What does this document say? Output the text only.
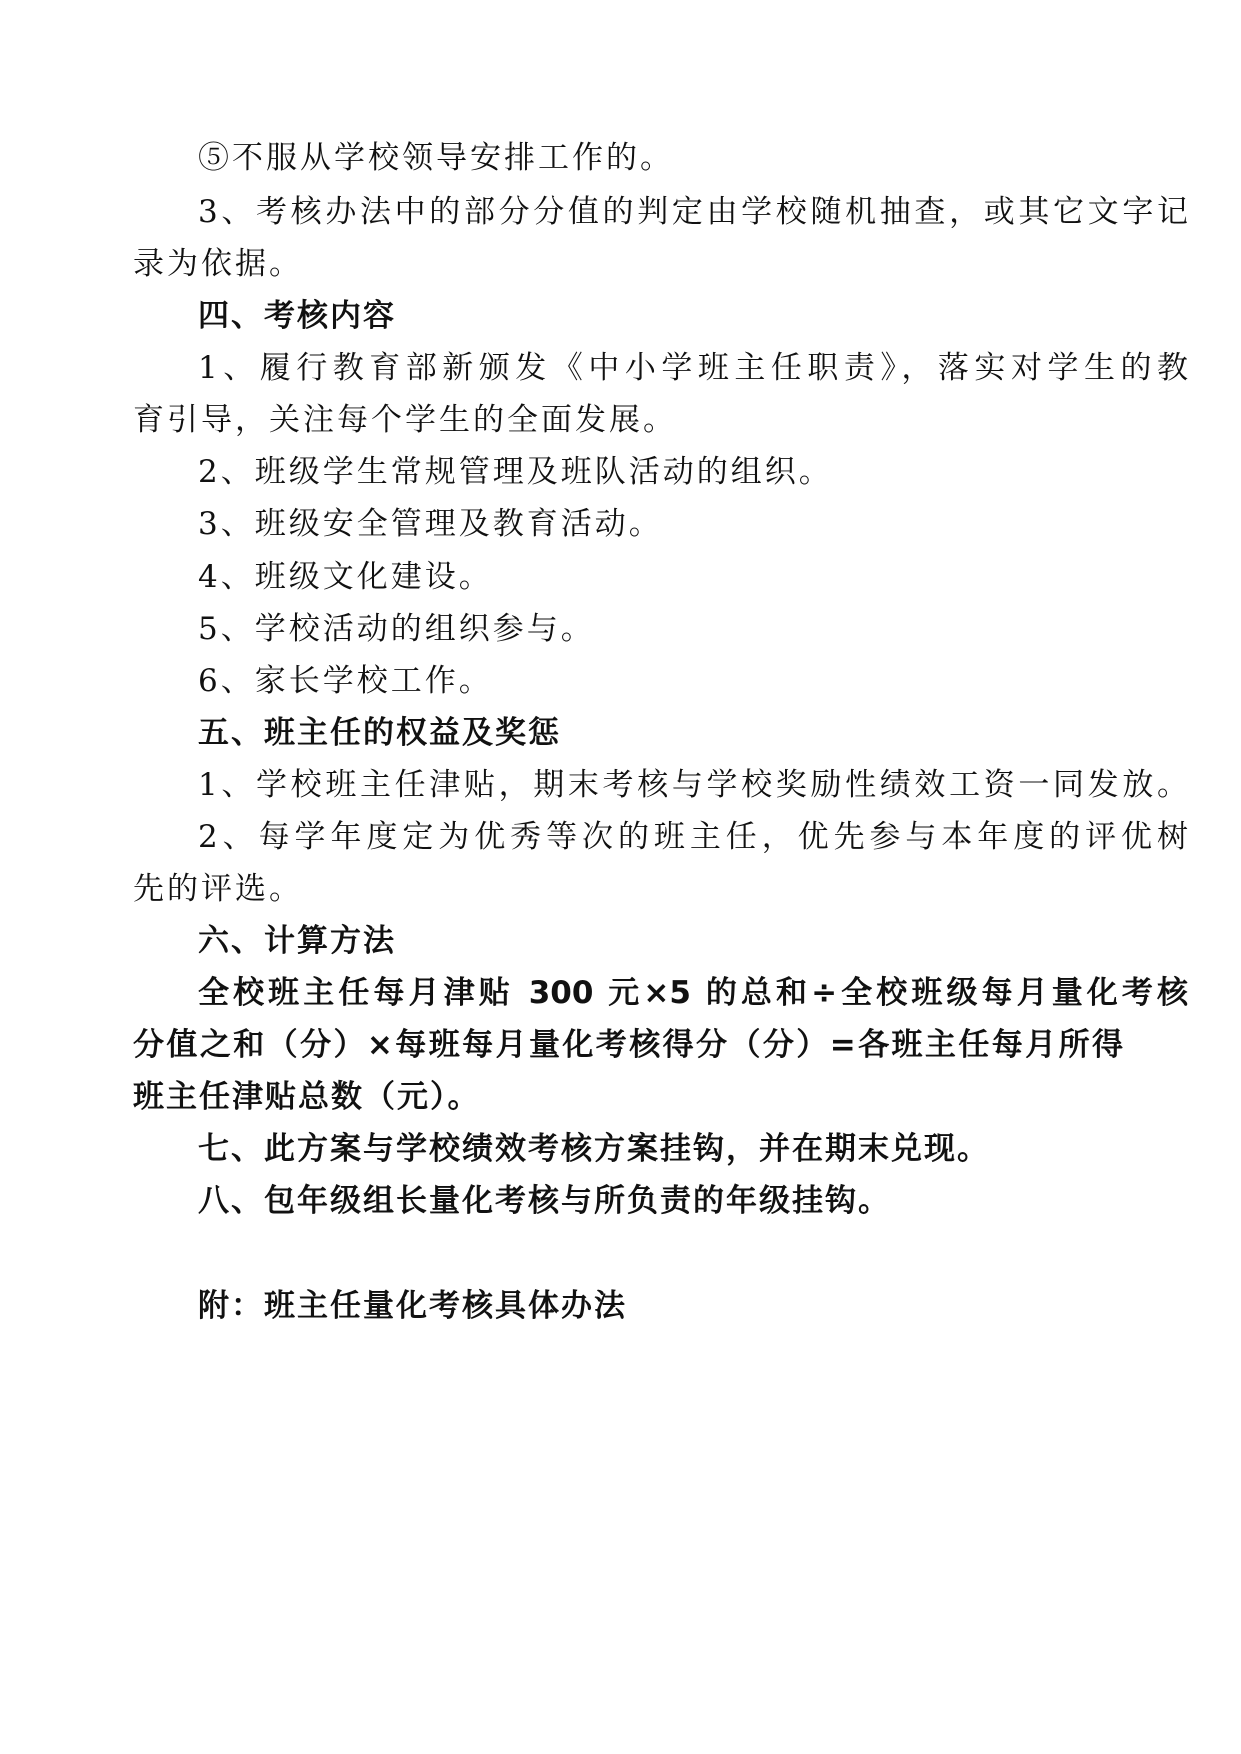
⑤不服从学校领导安排工作的。
3、考核办法中的部分分值的判定由学校随机抽查，或其它文字记
录为依据。
四、考核内容
1、履行教育部新颁发《中小学班主任职责》，落实对学生的教
育引导，关注每个学生的全面发展。
2、班级学生常规管理及班队活动的组织。
3、班级安全管理及教育活动。
4、班级文化建设。
5、学校活动的组织参与。
6、家长学校工作。
五、班主任的权益及奖惩
1、学校班主任津贴，期末考核与学校奖励性绩效工资一同发放。
2、每学年度定为优秀等次的班主任，优先参与本年度的评优树
先的评选。
六、计算方法
全校班主任每月津贴 300 元×5 的总和÷全校班级每月量化考核
分值之和（分）×每班每月量化考核得分（分）=各班主任每月所得
班主任津贴总数（元）。
七、此方案与学校绩效考核方案挂钩，并在期末兑现。
八、包年级组长量化考核与所负责的年级挂钩。
附：班主任量化考核具体办法
